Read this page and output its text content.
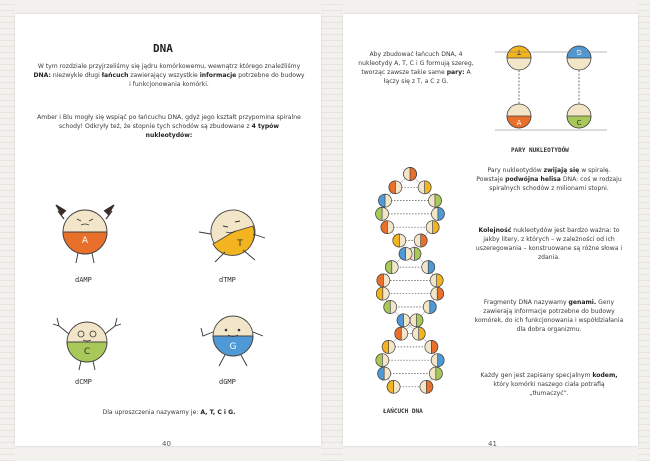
DNA
W tym rozdziale przyjrzeliśmy się jądru komórkowemu, wewnątrz którego znaleźliśmy DNA: niezwykle długi łańcuch zawierający wszystkie informacje potrzebne do budowy i funkcjonowania komórki.
Amber i Blu mogły się wspiąć po łańcuchu DNA, gdyż jego kształt przypomina spiralne schody! Odkryły też, że stopnie tych schodów są zbudowane z 4 typów nukleotydów:
A
dAMP
T
dTMP
C
dCMP
G
dGMP
Dla uproszczenia nazywamy je: A, T, C i G.
40
Aby zbudować łańcuch DNA, 4 nukleotydy A, T, C i G formują szereg, tworząc zawsze takie same pary: A łączy się z T, a C z G.
T
A
G
C
PARY NUKLEOTYDÓW
ŁAŃCUCH DNA
Pary nukleotydów zwijają się w spiralę. Powstaje podwójna helisa DNA: coś w rodzaju spiralnych schodów z milionami stopni.
Kolejność nukleotydów jest bardzo ważna: to jakby litery, z których – w zależności od ich uszeregowania – konstruowane są różne słowa i zdania.
Fragmenty DNA nazywamy genami. Geny zawierają informacje potrzebne do budowy komórek, do ich funkcjonowania i współdziałania dla dobra organizmu.
Każdy gen jest zapisany specjalnym kodem, który komórki naszego ciała potrafią „tłumaczyć”.
41
